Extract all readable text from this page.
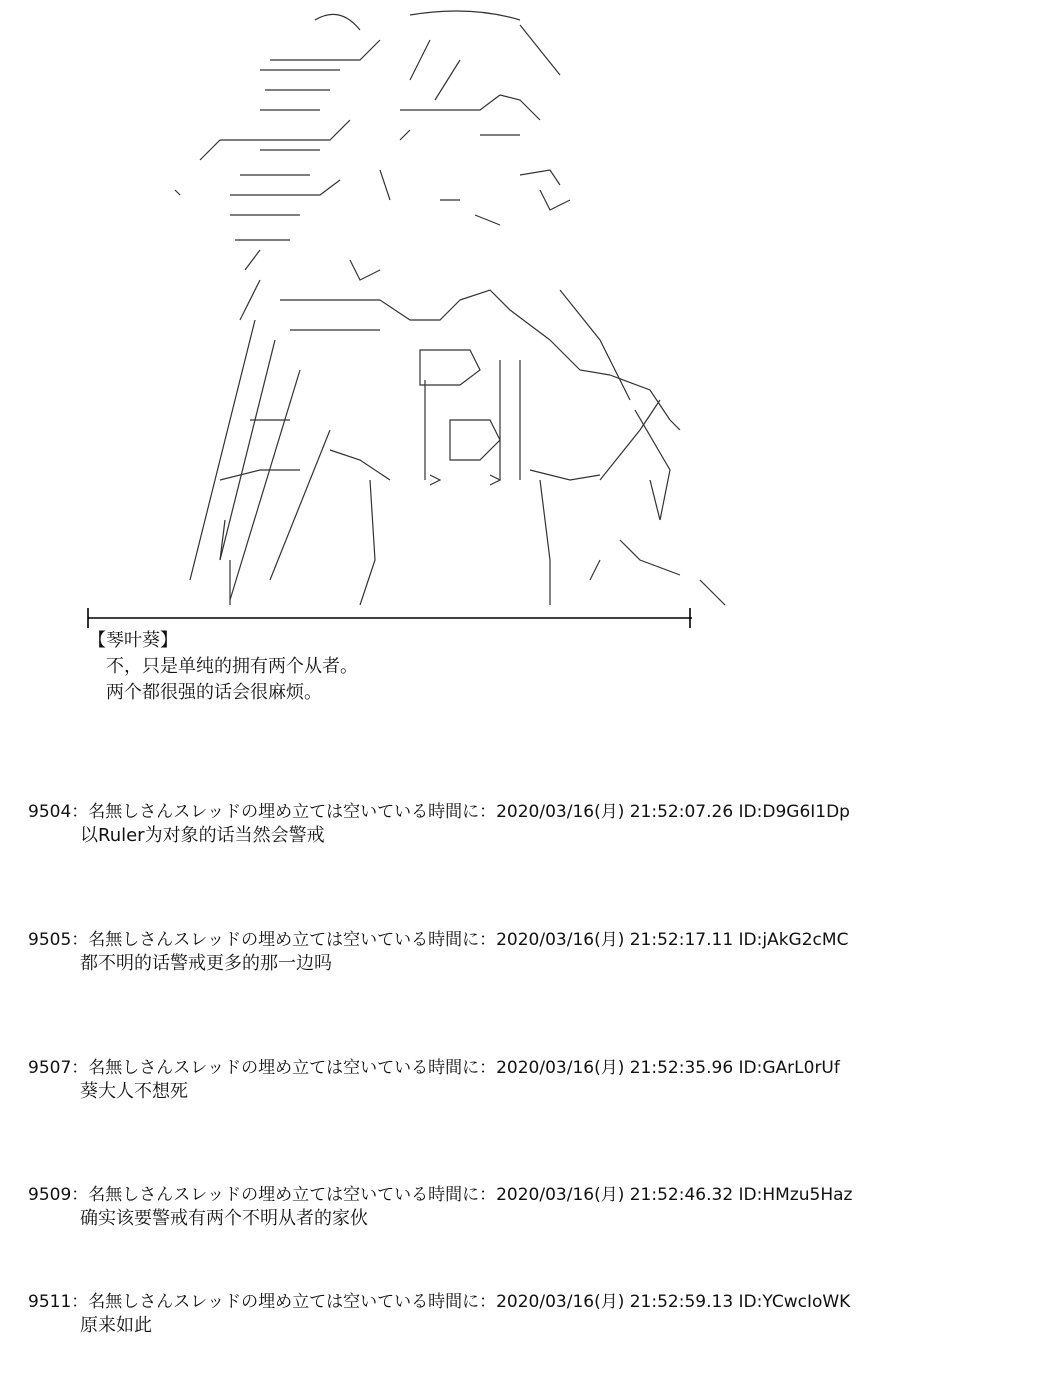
【琴叶葵】
不，只是单纯的拥有两个从者。
两个都很强的话会很麻烦。
9504：名無しさんスレッドの埋め立ては空いている時間に：2020/03/16(月) 21:52:07.26 ID:D9G6I1Dp
以Ruler为对象的话当然会警戒
9505：名無しさんスレッドの埋め立ては空いている時間に：2020/03/16(月) 21:52:17.11 ID:jAkG2cMC
都不明的话警戒更多的那一边吗
9507：名無しさんスレッドの埋め立ては空いている時間に：2020/03/16(月) 21:52:35.96 ID:GArL0rUf
葵大人不想死
9509：名無しさんスレッドの埋め立ては空いている時間に：2020/03/16(月) 21:52:46.32 ID:HMzu5Haz
确实该要警戒有两个不明从者的家伙
9511：名無しさんスレッドの埋め立ては空いている時間に：2020/03/16(月) 21:52:59.13 ID:YCwcIoWK
原来如此
